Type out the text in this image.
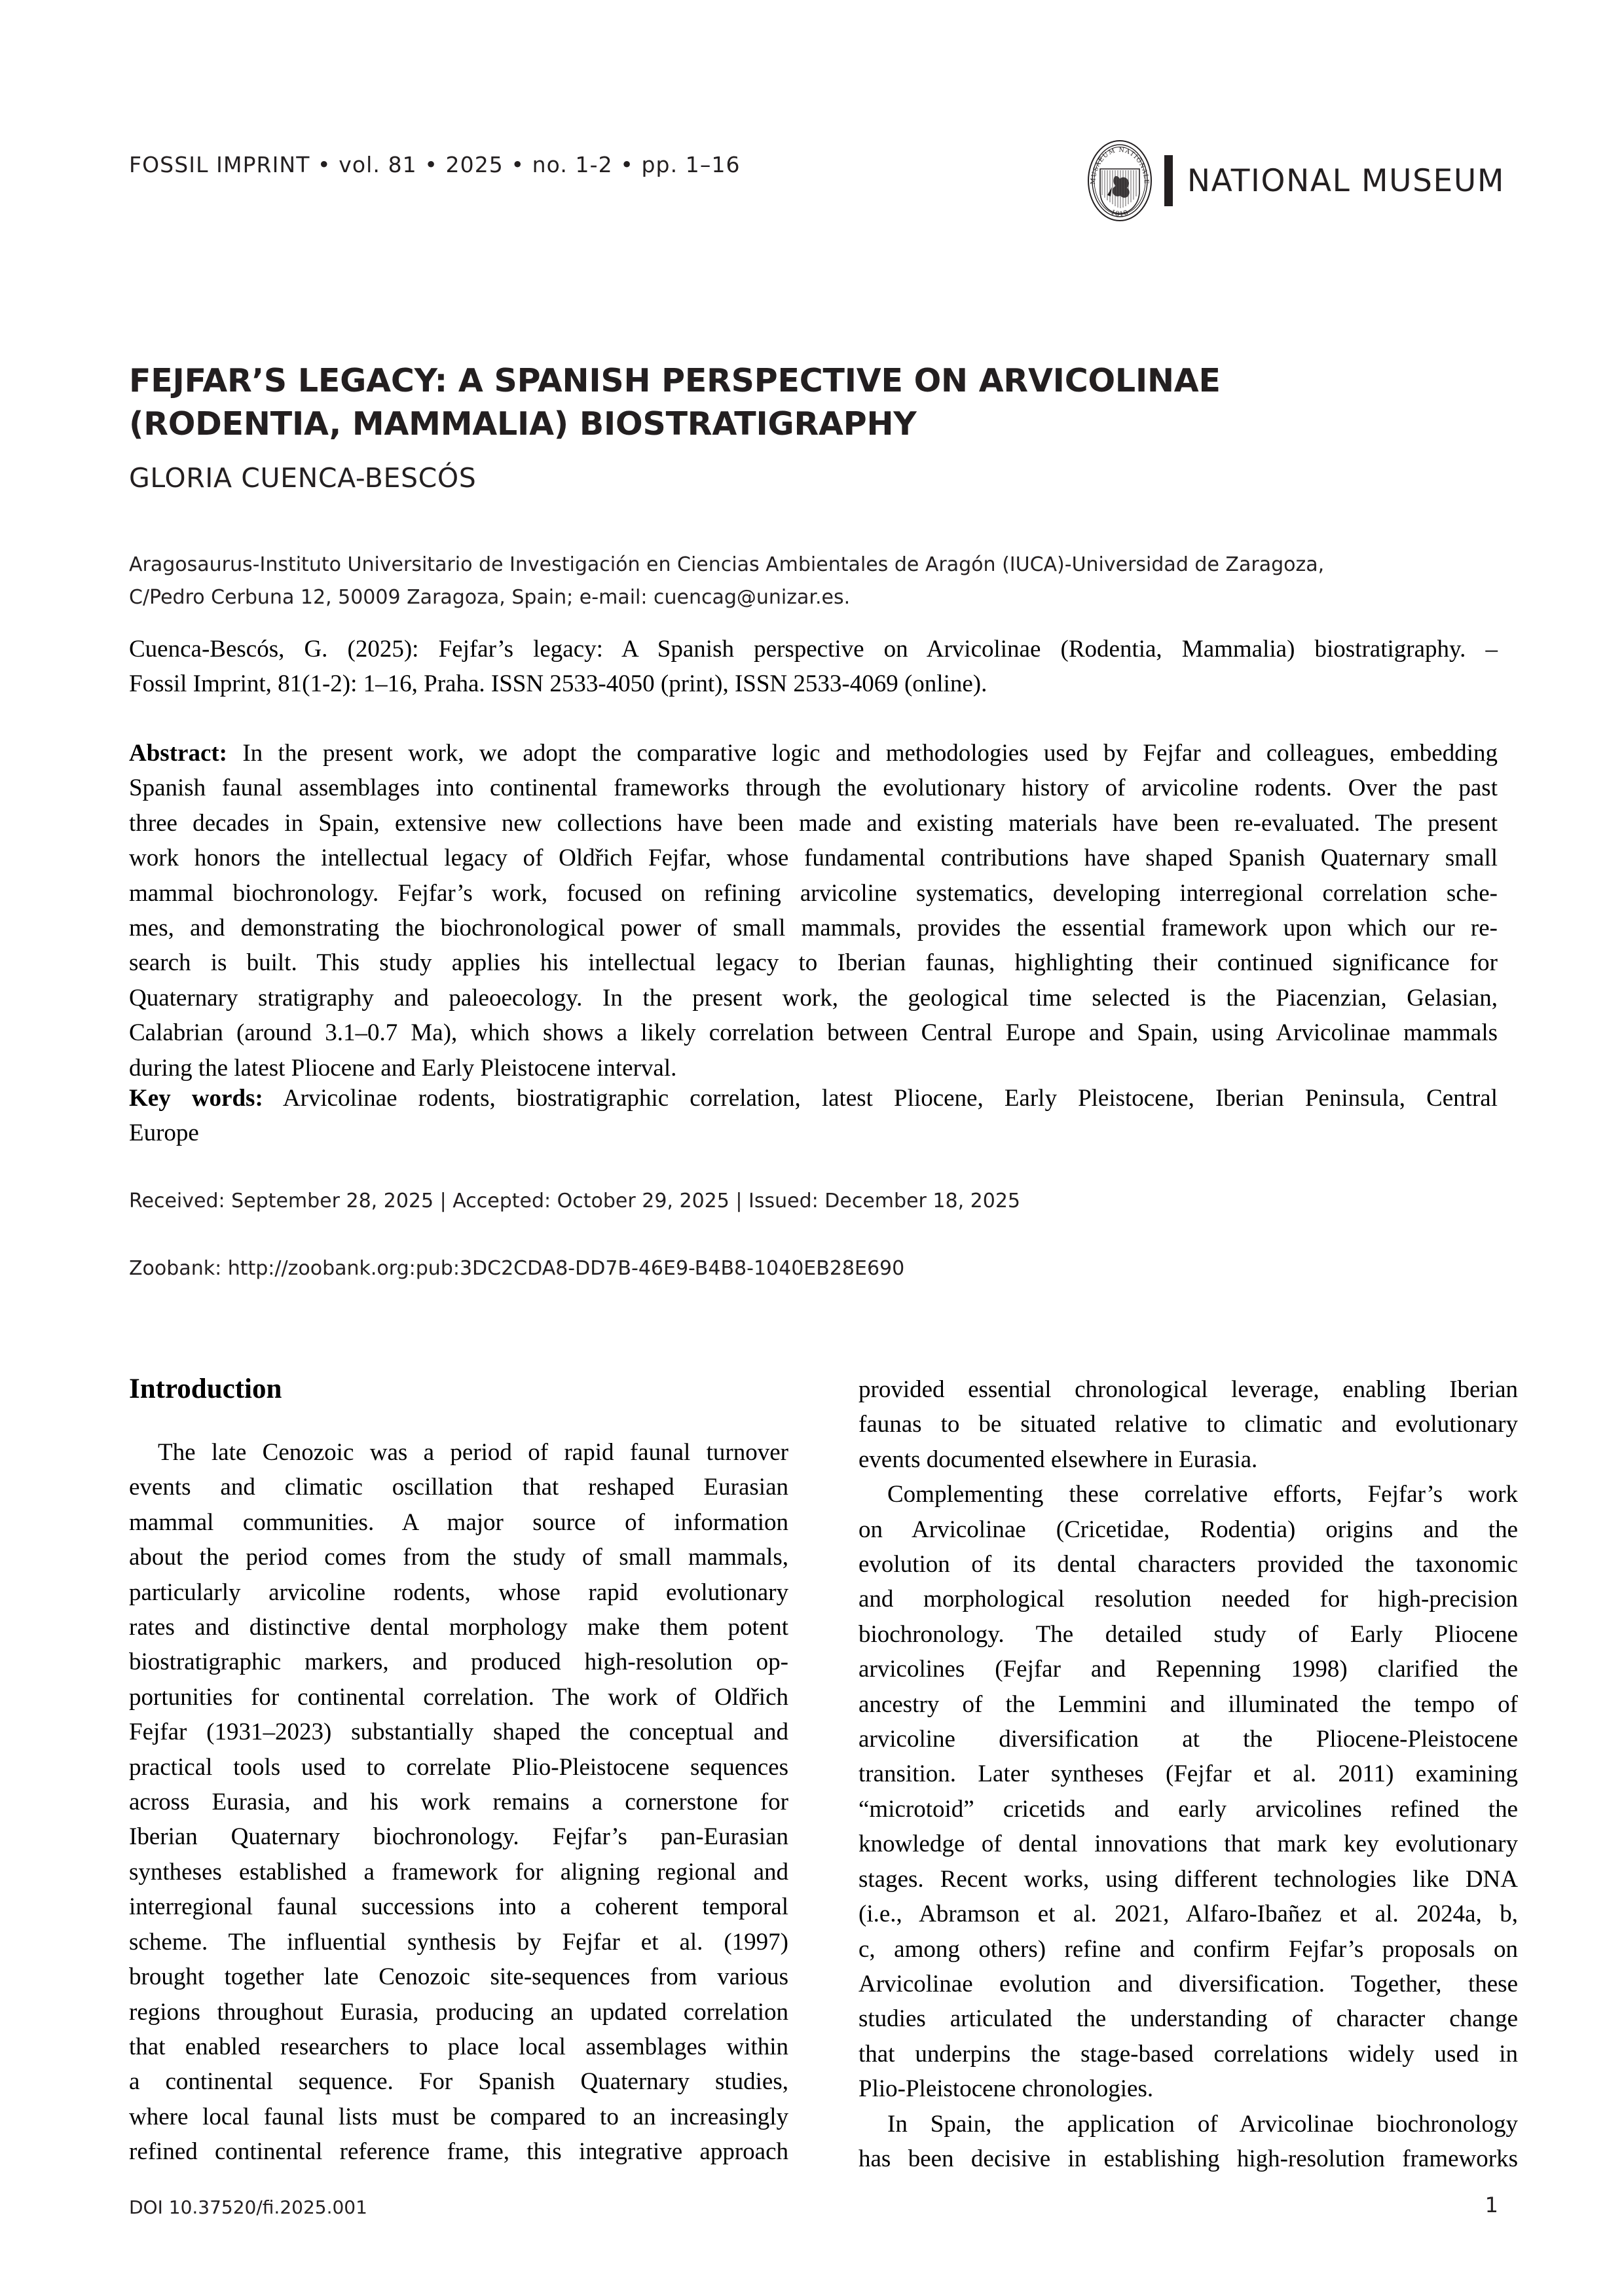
FOSSIL IMPRINT • vol. 81 • 2025 • no. 1-2 • pp. 1–16
MUSAEUM NATIONALE
1818
NATIONAL MUSEUM
FEJFAR’S LEGACY: A SPANISH PERSPECTIVE ON ARVICOLINAE
(RODENTIA, MAMMALIA) BIOSTRATIGRAPHY
GLORIA CUENCA-BESCÓS
Aragosaurus-Instituto Universitario de Investigación en Ciencias Ambientales de Aragón (IUCA)-Universidad de Zaragoza,
C/Pedro Cerbuna 12, 50009 Zaragoza, Spain; e-mail: cuencag@unizar.es.
Cuenca-Bescós, G. (2025): Fejfar’s legacy: A Spanish perspective on Arvicolinae (Rodentia, Mammalia) biostratigraphy. –
Fossil Imprint, 81(1-2): 1–16, Praha. ISSN 2533-4050 (print), ISSN 2533-4069 (online).
Abstract: In the present work, we adopt the comparative logic and methodologies used by Fejfar and colleagues, embedding
Spanish faunal assemblages into continental frameworks through the evolutionary history of arvicoline rodents. Over the past
three decades in Spain, extensive new collections have been made and existing materials have been re-evaluated. The present
work honors the intellectual legacy of Oldřich Fejfar, whose fundamental contributions have shaped Spanish Quaternary small
mammal biochronology. Fejfar’s work, focused on refining arvicoline systematics, developing interregional correlation sche-
mes, and demonstrating the biochronological power of small mammals, provides the essential framework upon which our re-
search is built. This study applies his intellectual legacy to Iberian faunas, highlighting their continued significance for
Quaternary stratigraphy and paleoecology. In the present work, the geological time selected is the Piacenzian, Gelasian,
Calabrian (around 3.1–0.7 Ma), which shows a likely correlation between Central Europe and Spain, using Arvicolinae mammals
during the latest Pliocene and Early Pleistocene interval.
Key words: Arvicolinae rodents, biostratigraphic correlation, latest Pliocene, Early Pleistocene, Iberian Peninsula, Central
Europe
Received: September 28, 2025 | Accepted: October 29, 2025 | Issued: December 18, 2025
Zoobank: http://zoobank.org:pub:3DC2CDA8-DD7B-46E9-B4B8-1040EB28E690
Introduction

The late Cenozoic was a period of rapid faunal turnover
events and climatic oscillation that reshaped Eurasian
mammal communities. A major source of information
about the period comes from the study of small mammals,
particularly arvicoline rodents, whose rapid evolutionary
rates and distinctive dental morphology make them potent
biostratigraphic markers, and produced high-resolution op-
portunities for continental correlation. The work of Oldřich
Fejfar (1931–2023) substantially shaped the conceptual and
practical tools used to correlate Plio-Pleistocene sequences
across Eurasia, and his work remains a cornerstone for
Iberian Quaternary biochronology. Fejfar’s pan-Eurasian
syntheses established a framework for aligning regional and
interregional faunal successions into a coherent temporal
scheme. The influential synthesis by Fejfar et al. (1997)
brought together late Cenozoic site-sequences from various
regions throughout Eurasia, producing an updated correlation
that enabled researchers to place local assemblages within
a continental sequence. For Spanish Quaternary studies,
where local faunal lists must be compared to an increasingly
refined continental reference frame, this integrative approach

provided essential chronological leverage, enabling Iberian
faunas to be situated relative to climatic and evolutionary
events documented elsewhere in Eurasia.

Complementing these correlative efforts, Fejfar’s work
on Arvicolinae (Cricetidae, Rodentia) origins and the
evolution of its dental characters provided the taxonomic
and morphological resolution needed for high-precision
biochronology. The detailed study of Early Pliocene
arvicolines (Fejfar and Repenning 1998) clarified the
ancestry of the Lemmini and illuminated the tempo of
arvicoline diversification at the Pliocene-Pleistocene
transition. Later syntheses (Fejfar et al. 2011) examining
“microtoid” cricetids and early arvicolines refined the
knowledge of dental innovations that mark key evolutionary
stages. Recent works, using different technologies like DNA
(i.e., Abramson et al. 2021, Alfaro-Ibañez et al. 2024a, b,
c, among others) refine and confirm Fejfar’s proposals on
Arvicolinae evolution and diversification. Together, these
studies articulated the understanding of character change
that underpins the stage-based correlations widely used in
Plio-Pleistocene chronologies.

In Spain, the application of Arvicolinae biochronology
has been decisive in establishing high-resolution frameworks

DOI 10.37520/fi.2025.001	1
